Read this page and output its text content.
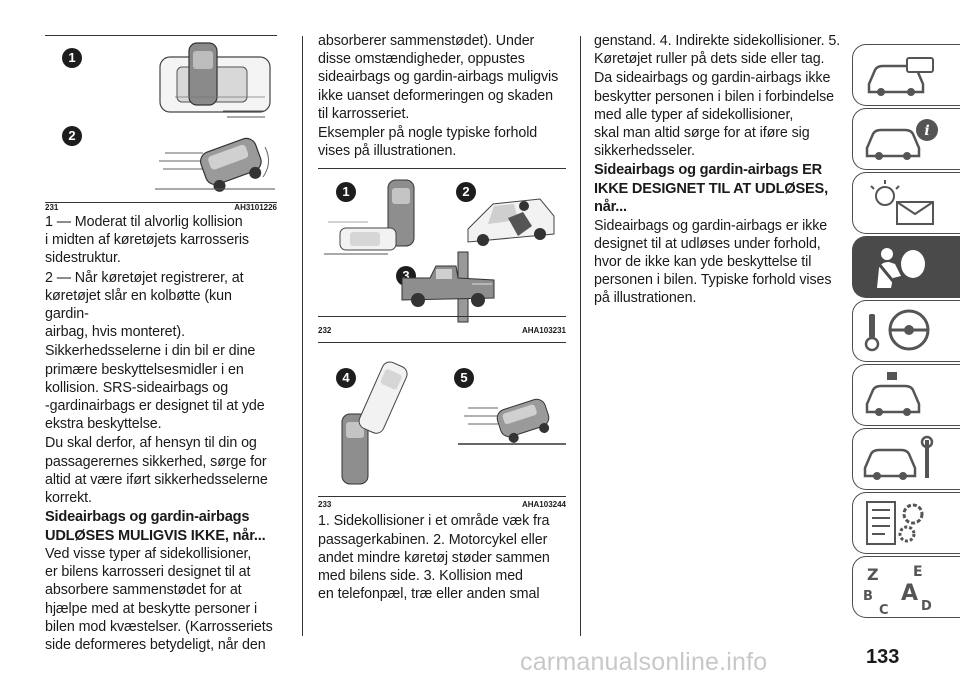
1
2
231	AH3101226

1 — Moderat til alvorlig kollision
i midten af køretøjets karrosseris
sidestruktur.

2 — Når køretøjet registrerer, at
køretøjet slår en kolbøtte (kun gardin-
airbag, hvis monteret).

Sikkerhedsselerne i din bil er dine
primære beskyttelsesmidler i en
kollision. SRS-sideairbags og
-gardinairbags er designet til at yde
ekstra beskyttelse.

Du skal derfor, af hensyn til din og
passagerernes sikkerhed, sørge for
altid at være iført sikkerhedsselerne
korrekt.

Sideairbags og gardin-airbags
UDLØSES MULIGVIS IKKE, når...

Ved visse typer af sidekollisioner,
er bilens karrosseri designet til at
absorbere sammenstødet for at
hjælpe med at beskytte personer i
bilen mod kvæstelser. (Karrosseriets
side deformeres betydeligt, når den

absorberer sammenstødet). Under
disse omstændigheder, oppustes
sideairbags og gardin-airbags muligvis
ikke uanset deformeringen og skaden
til karrosseriet.

Eksempler på nogle typiske forhold
vises på illustrationen.

1	2
3
232	AHA103231
4	5
233	AHA103244

1. Sidekollisioner i et område væk fra
passagerkabinen. 2. Motorcykel eller
andet mindre køretøj støder sammen
med bilens side. 3. Kollision med
en telefonpæl, træ eller anden smal

genstand. 4. Indirekte sidekollisioner. 5.
Køretøjet ruller på dets side eller tag.

Da sideairbags og gardin-airbags ikke
beskytter personen i bilen i forbindelse
med alle typer af sidekollisioner,
skal man altid sørge for at iføre sig
sikkerhedsseler.

Sideairbags og gardin-airbags ER
IKKE DESIGNET TIL AT UDLØSES,
når...

Sideairbags og gardin-airbags er ikke
designet til at udløses under forhold,
hvor de ikke kan yde beskyttelse til
personen i bilen. Typiske forhold vises
på illustrationen.

i
Z E
B A
C D
carmanualsonline.info	133
